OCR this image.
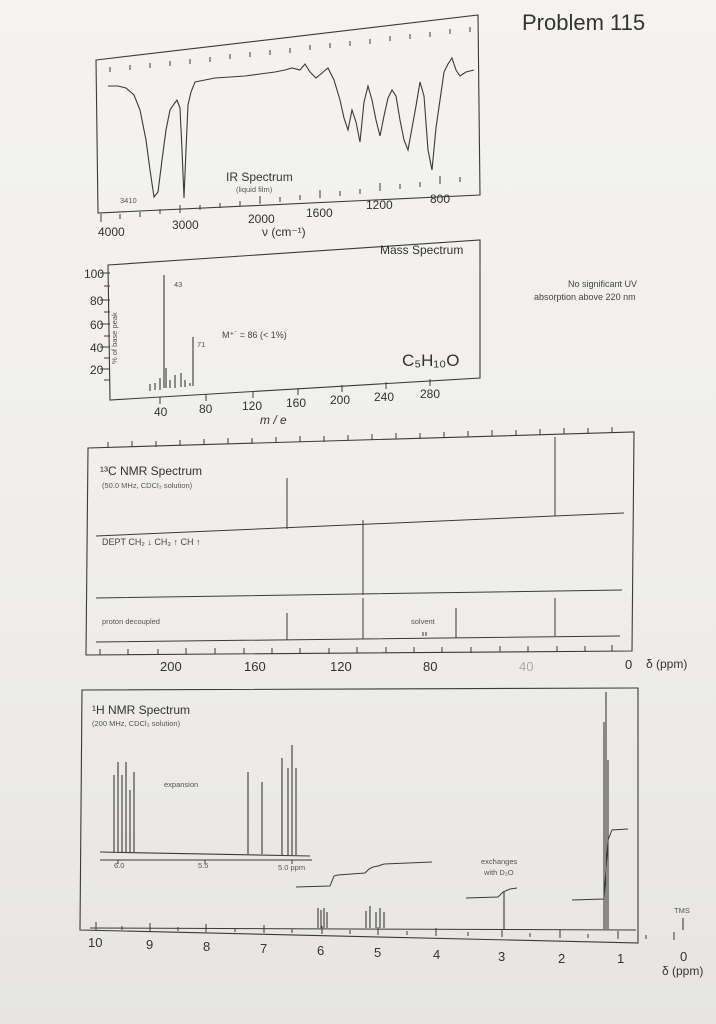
Problem 115
IR Spectrum
(liquid film)
3410
4000	3000	2000	1600
1200	800
ν (cm⁻¹)
Mass Spectrum
100
80
60
40
20
% of base peak
43
71
M⁺˙ = 86 (< 1%)
C₅H₁₀O
40	80 120 160 200 240 280
m / e
No significant UV
absorption above 220 nm
¹³C NMR Spectrum
(50.0 MHz, CDCl₃ solution)
DEPT CH₂ ↓ CH₃ ↑ CH ↑
proton decoupled	solvent
200	160	120	80	40	0 δ (ppm)
¹H NMR Spectrum
(200 MHz, CDCl₃ solution)
expansion
6.0	5.5	5.0 ppm
exchanges
with D₂O
TMS
10	9	8	7	6	5	4	3	2	1	0
δ (ppm)
